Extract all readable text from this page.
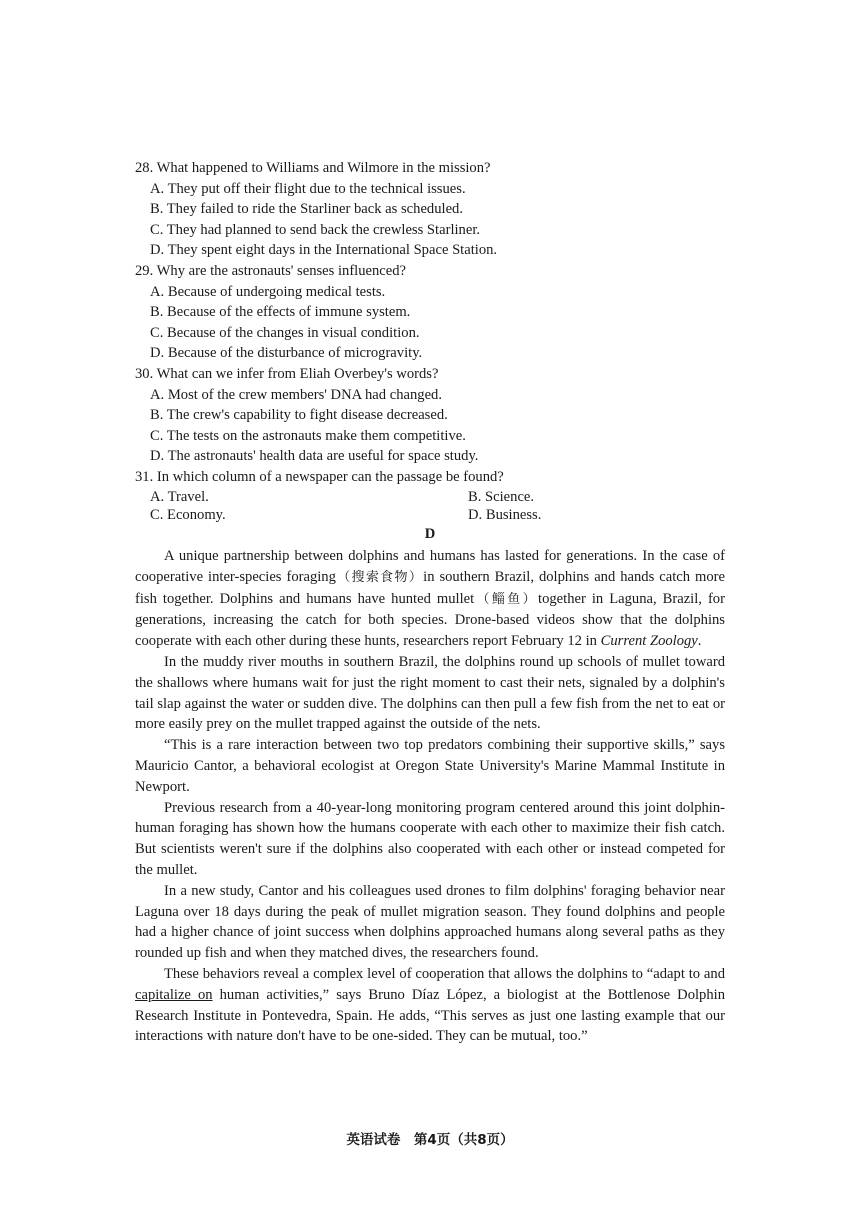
28. What happened to Williams and Wilmore in the mission?
A. They put off their flight due to the technical issues.
B. They failed to ride the Starliner back as scheduled.
C. They had planned to send back the crewless Starliner.
D. They spent eight days in the International Space Station.
29. Why are the astronauts' senses influenced?
A. Because of undergoing medical tests.
B. Because of the effects of immune system.
C. Because of the changes in visual condition.
D. Because of the disturbance of microgravity.
30. What can we infer from Eliah Overbey's words?
A. Most of the crew members' DNA had changed.
B. The crew's capability to fight disease decreased.
C. The tests on the astronauts make them competitive.
D. The astronauts' health data are useful for space study.
31. In which column of a newspaper can the passage be found?
A. Travel.	B. Science.
C. Economy.	D. Business.
D

A unique partnership between dolphins and humans has lasted for generations. In the case of cooperative inter-species foraging（搜索食物）in southern Brazil, dolphins and hands catch more fish together. Dolphins and humans have hunted mullet（鲻鱼）together in Laguna, Brazil, for generations, increasing the catch for both species. Drone-based videos show that the dolphins cooperate with each other during these hunts, researchers report February 12 in Current Zoology.

In the muddy river mouths in southern Brazil, the dolphins round up schools of mullet toward the shallows where humans wait for just the right moment to cast their nets, signaled by a dolphin's tail slap against the water or sudden dive. The dolphins can then pull a few fish from the net to eat or more easily prey on the mullet trapped against the outside of the nets.

“This is a rare interaction between two top predators combining their supportive skills,” says Mauricio Cantor, a behavioral ecologist at Oregon State University's Marine Mammal Institute in Newport.

Previous research from a 40-year-long monitoring program centered around this joint dolphin-human foraging has shown how the humans cooperate with each other to maximize their fish catch. But scientists weren't sure if the dolphins also cooperated with each other or instead competed for the mullet.

In a new study, Cantor and his colleagues used drones to film dolphins' foraging behavior near Laguna over 18 days during the peak of mullet migration season. They found dolphins and people had a higher chance of joint success when dolphins approached humans along several paths as they rounded up fish and when they matched dives, the researchers found.

These behaviors reveal a complex level of cooperation that allows the dolphins to “adapt to and capitalize on human activities,” says Bruno Díaz López, a biologist at the Bottlenose Dolphin Research Institute in Pontevedra, Spain. He adds, “This serves as just one lasting example that our interactions with nature don't have to be one-sided. They can be mutual, too.”

英语试卷　第4页（共8页）
